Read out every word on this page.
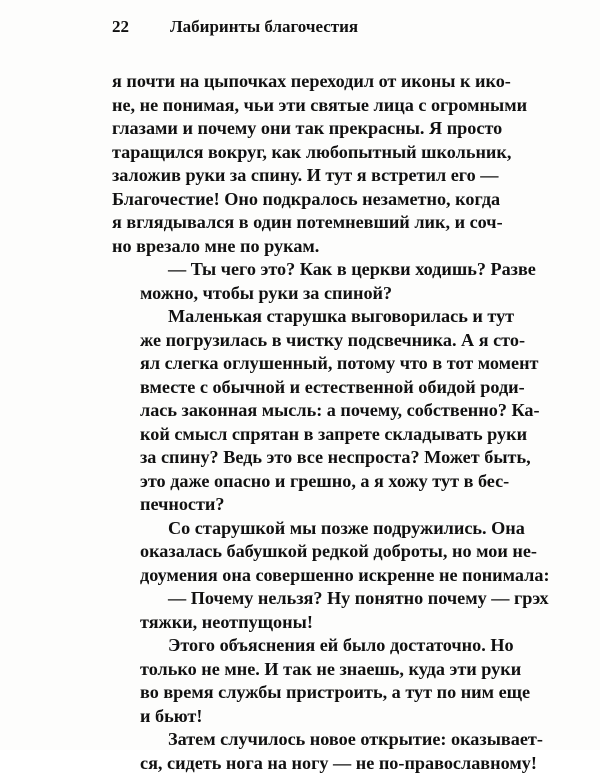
22 Лабиринты благочестия

я почти на цыпочках переходил от иконы к ико-
не, не понимая, чьи эти святые лица с огромными
глазами и почему они так прекрасны. Я просто
таращился вокруг, как любопытный школьник,
заложив руки за спину. И тут я встретил его —
Благочестие! Оно подкралось незаметно, когда
я вглядывался в один потемневший лик, и соч-
но врезало мне по рукам.

— Ты чего это? Как в церкви ходишь? Разве
можно, чтобы руки за спиной?

Маленькая старушка выговорилась и тут
же погрузилась в чистку подсвечника. А я сто-
ял слегка оглушенный, потому что в тот момент
вместе с обычной и естественной обидой роди-
лась законная мысль: а почему, собственно? Ка-
кой смысл спрятан в запрете складывать руки
за спину? Ведь это все неспроста? Может быть,
это даже опасно и грешно, а я хожу тут в бес-
печности?

Со старушкой мы позже подружились. Она
оказалась бабушкой редкой доброты, но мои не-
доумения она совершенно искренне не понимала:

— Почему нельзя? Ну понятно почему — грэх
тяжки, неотпущоны!

Этого объяснения ей было достаточно. Но
только не мне. И так не знаешь, куда эти руки
во время службы пристроить, а тут по ним еще
и бьют!

Затем случилось новое открытие: оказывает-
ся, сидеть нога на ногу — не по-православному!
